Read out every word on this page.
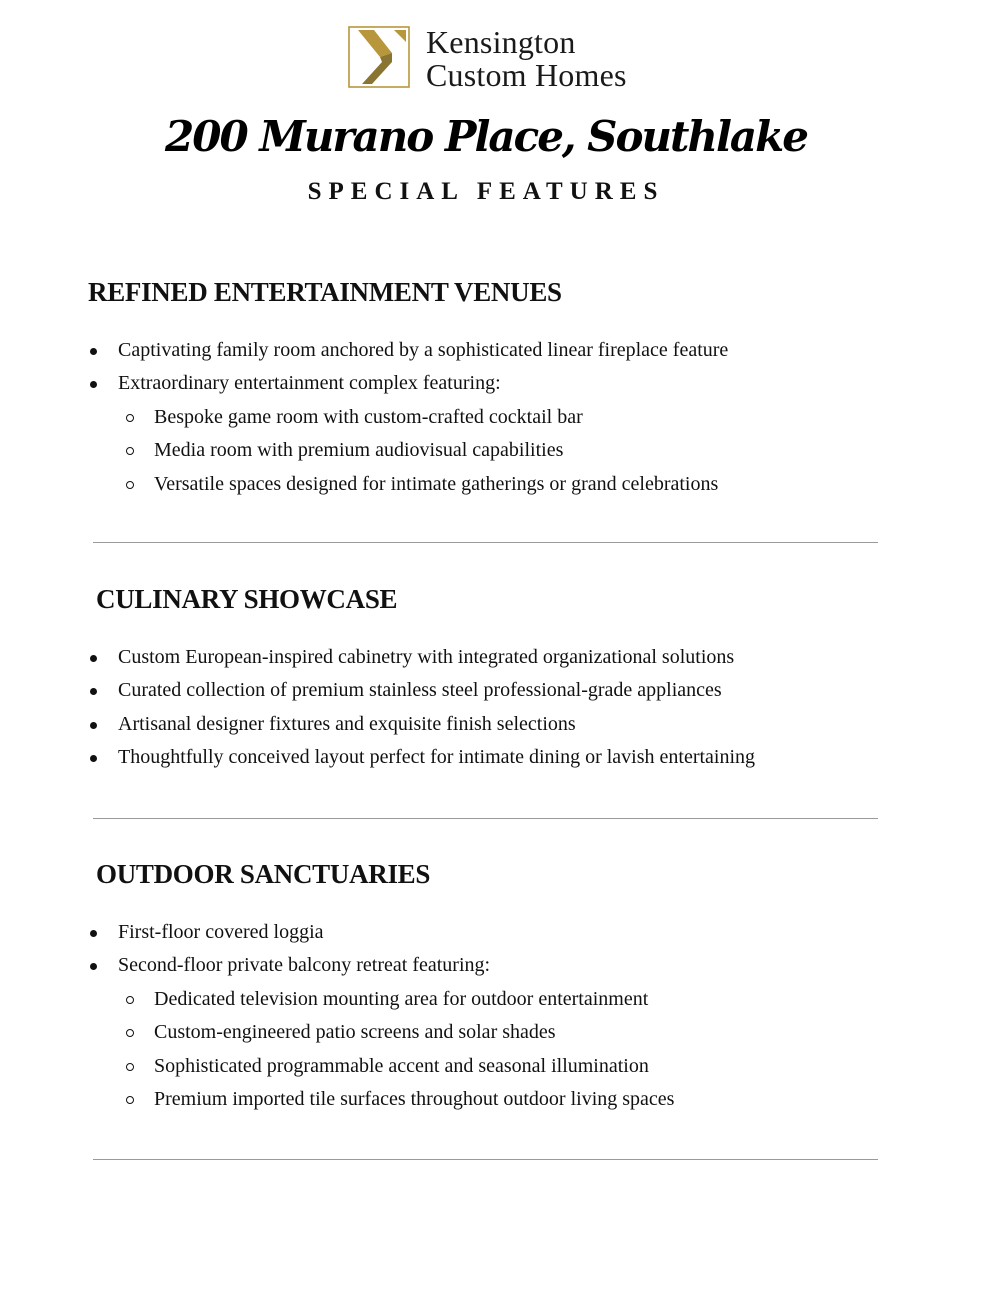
Kensington
Custom Homes
200 Murano Place, Southlake
SPECIAL FEATURES
REFINED ENTERTAINMENT VENUES
Captivating family room anchored by a sophisticated linear fireplace feature
Extraordinary entertainment complex featuring:
Bespoke game room with custom-crafted cocktail bar
Media room with premium audiovisual capabilities
Versatile spaces designed for intimate gatherings or grand celebrations
CULINARY SHOWCASE
Custom European-inspired cabinetry with integrated organizational solutions
Curated collection of premium stainless steel professional-grade appliances
Artisanal designer fixtures and exquisite finish selections
Thoughtfully conceived layout perfect for intimate dining or lavish entertaining
OUTDOOR SANCTUARIES
First-floor covered loggia
Second-floor private balcony retreat featuring:
Dedicated television mounting area for outdoor entertainment
Custom-engineered patio screens and solar shades
Sophisticated programmable accent and seasonal illumination
Premium imported tile surfaces throughout outdoor living spaces
